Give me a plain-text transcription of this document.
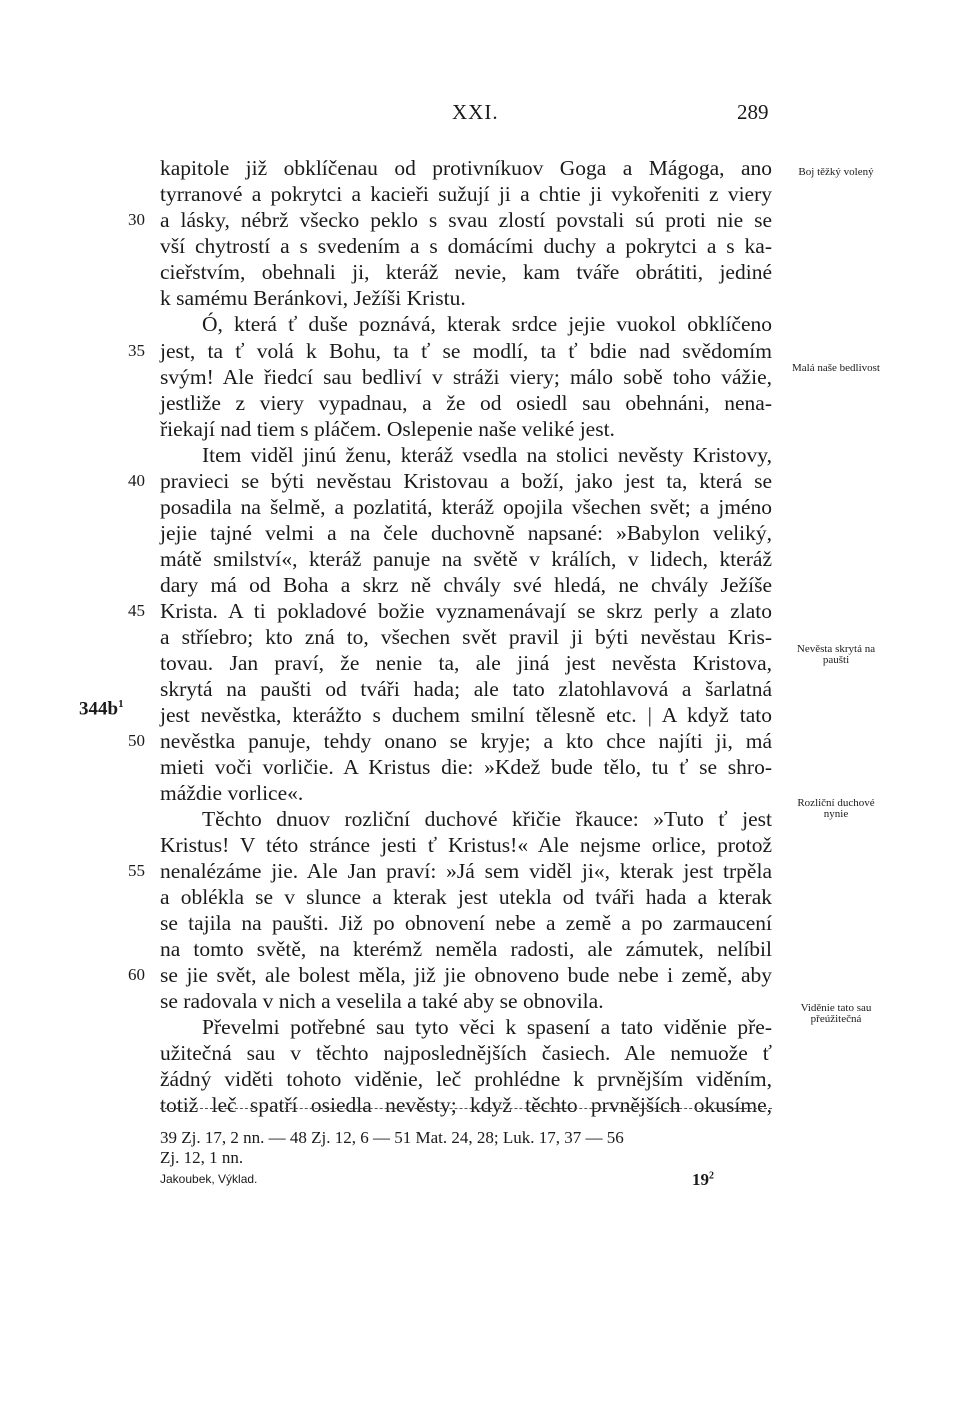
XXI.	289
kapitole již obklíčenau od protivníkuov Goga a Mágoga, ano
tyrranové a pokrytci a kacieři sužují ji a chtie ji vykořeniti z viery
a lásky, nébrž všecko peklo s svau zlostí povstali sú proti nie se
vší chytrostí a s svedením a s domácími duchy a pokrytci a s ka-
cieřstvím, obehnali ji, kteráž nevie, kam tváře obrátiti, jediné
k samému Beránkovi, Ježíši Kristu.
Ó, která ť duše poznává, kterak srdce jejie vuokol obklíčeno
jest, ta ť volá k Bohu, ta ť se modlí, ta ť bdie nad svědomím
svým! Ale řiedcí sau bedliví v stráži viery; málo sobě toho vážie,
jestliže z viery vypadnau, a že od osiedl sau obehnáni, nena-
řiekají nad tiem s pláčem. Oslepenie naše veliké jest.
Item viděl jinú ženu, kteráž vsedla na stolici nevěsty Kristovy,
pravieci se býti nevěstau Kristovau a boží, jako jest ta, která se
posadila na šelmě, a pozlatitá, kteráž opojila všechen svět; a jméno
jejie tajné velmi a na čele duchovně napsané: »Babylon veliký,
mátě smilství«, kteráž panuje na světě v králích, v lidech, kteráž
dary má od Boha a skrz ně chvály své hledá, ne chvály Ježíše
Krista. A ti pokladové božie vyznamenávají se skrz perly a zlato
a stříebro; kto zná to, všechen svět pravil ji býti nevěstau Kris-
tovau. Jan praví, že nenie ta, ale jiná jest nevěsta Kristova,
skrytá na paušti od tváři hada; ale tato zlatohlavová a šarlatná
jest nevěstka, kterážto s duchem smilní tělesně etc. | A když tato
nevěstka panuje, tehdy onano se kryje; a kto chce najíti ji, má
mieti voči vorličie. A Kristus die: »Kdež bude tělo, tu ť se shro-
máždie vorlice«.
Těchto dnuov rozliční duchové křičie řkauce: »Tuto ť jest
Kristus! V této stránce jesti ť Kristus!« Ale nejsme orlice, protož
nenalézáme jie. Ale Jan praví: »Já sem viděl ji«, kterak jest trpěla
a oblékla se v slunce a kterak jest utekla od tváři hada a kterak
se tajila na paušti. Již po obnovení nebe a země a po zarmaucení
na tomto světě, na kterémž neměla radosti, ale zámutek, nelíbil
se jie svět, ale bolest měla, již jie obnoveno bude nebe i země, aby
se radovala v nich a veselila a také aby se obnovila.
Převelmi potřebné sau tyto věci k spasení a tato viděnie pře-
užitečná sau v těchto najposlednějších časiech. Ale nemuože ť
žádný viděti tohoto viděnie, leč prohlédne k prvnějším viděním,
totiž leč spatří osiedla nevěsty; když těchto prvnějších okusíme,
30
35
40
45
50
55
60
$344b^1$
Boj těžký volený
Malá naše bedlivost
Nevěsta skrytá na paušti
Rozliční duchové nynie
Viděnie tato sau přeúžitečná
39 Zj. 17, 2 nn. — 48 Zj. 12, 6 — 51 Mat. 24, 28; Luk. 17, 37 — 56
Zj. 12, 1 nn.
Jakoubek, Výklad.	$19^2$
